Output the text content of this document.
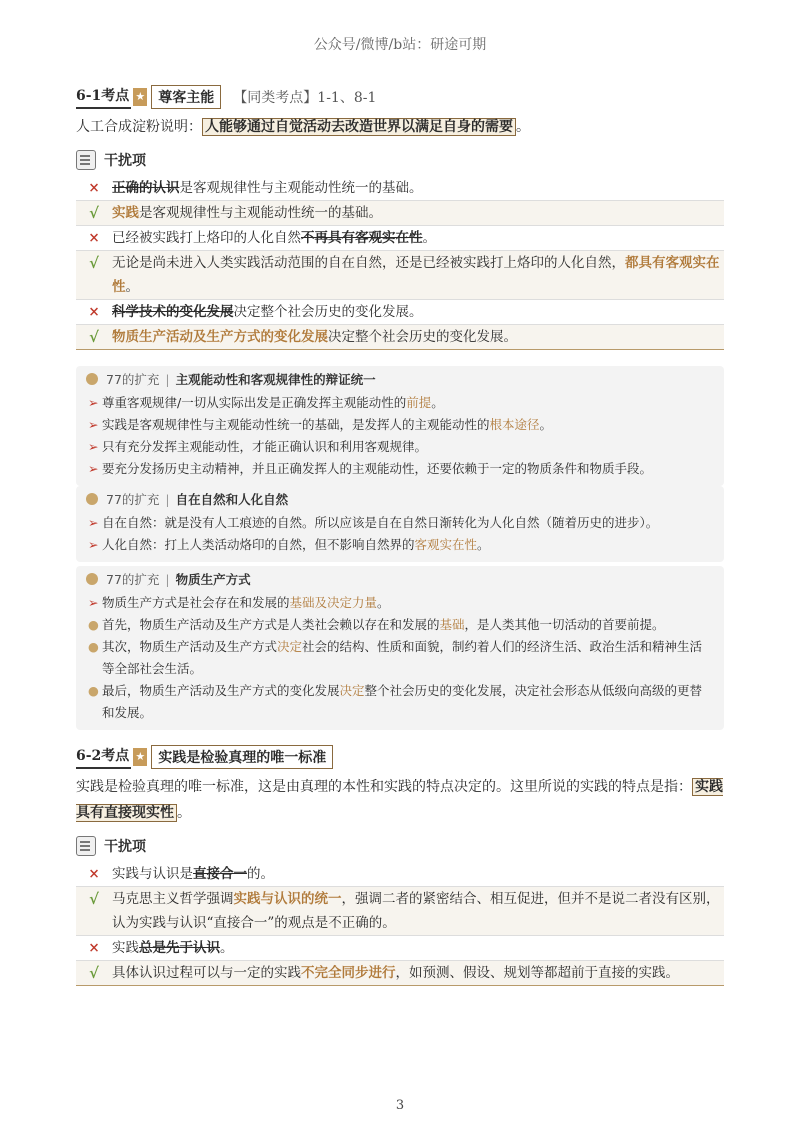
公众号/微博/b站：研途可期
6-1考点 ★ 尊客主能	【同类考点】1-1、8-1
人工合成淀粉说明： 人能够通过自觉活动去改造世界以满足自身的需要 。
干扰项
× 正确的认识是客观规律性与主观能动性统一的基础。
√ 实践是客观规律性与主观能动性统一的基础。
× 已经被实践打上烙印的人化自然不再具有客观实在性。
√ 无论是尚未进入人类实践活动范围的自在自然，还是已经被实践打上烙印的人化自然，都具有客观实在性。
× 科学技术的变化发展决定整个社会历史的变化发展。
√ 物质生产活动及生产方式的变化发展决定整个社会历史的变化发展。
77的扩充 | 主观能动性和客观规律性的辩证统一
➢ 尊重客观规律/一切从实际出发是正确发挥主观能动性的前提。
➢ 实践是客观规律性与主观能动性统一的基础，是发挥人的主观能动性的根本途径。
➢ 只有充分发挥主观能动性，才能正确认识和利用客观规律。
➢ 要充分发扬历史主动精神，并且正确发挥人的主观能动性，还要依赖于一定的物质条件和物质手段。
77的扩充 | 自在自然和人化自然
➢ 自在自然：就是没有人工痕迹的自然。所以应该是自在自然日渐转化为人化自然（随着历史的进步）。
➢ 人化自然：打上人类活动烙印的自然，但不影响自然界的客观实在性。
77的扩充 | 物质生产方式
➢ 物质生产方式是社会存在和发展的基础及决定力量。
● 首先，物质生产活动及生产方式是人类社会赖以存在和发展的基础，是人类其他一切活动的首要前提。
● 其次，物质生产活动及生产方式决定社会的结构、性质和面貌，制约着人们的经济生活、政治生活和精神生活等全部社会生活。
● 最后，物质生产活动及生产方式的变化发展决定整个社会历史的变化发展，决定社会形态从低级向高级的更替和发展。
6-2考点 ★ 实践是检验真理的唯一标准
实践是检验真理的唯一标准，这是由真理的本性和实践的特点决定的。这里所说的实践的特点是指： 实践具有直接现实性 。
干扰项
× 实践与认识是直接合一的。
√ 马克思主义哲学强调实践与认识的统一，强调二者的紧密结合、相互促进，但并不是说二者没有区别，认为实践与认识“直接合一”的观点是不正确的。
× 实践总是先于认识。
√ 具体认识过程可以与一定的实践不完全同步进行，如预测、假设、规划等都超前于直接的实践。
3
